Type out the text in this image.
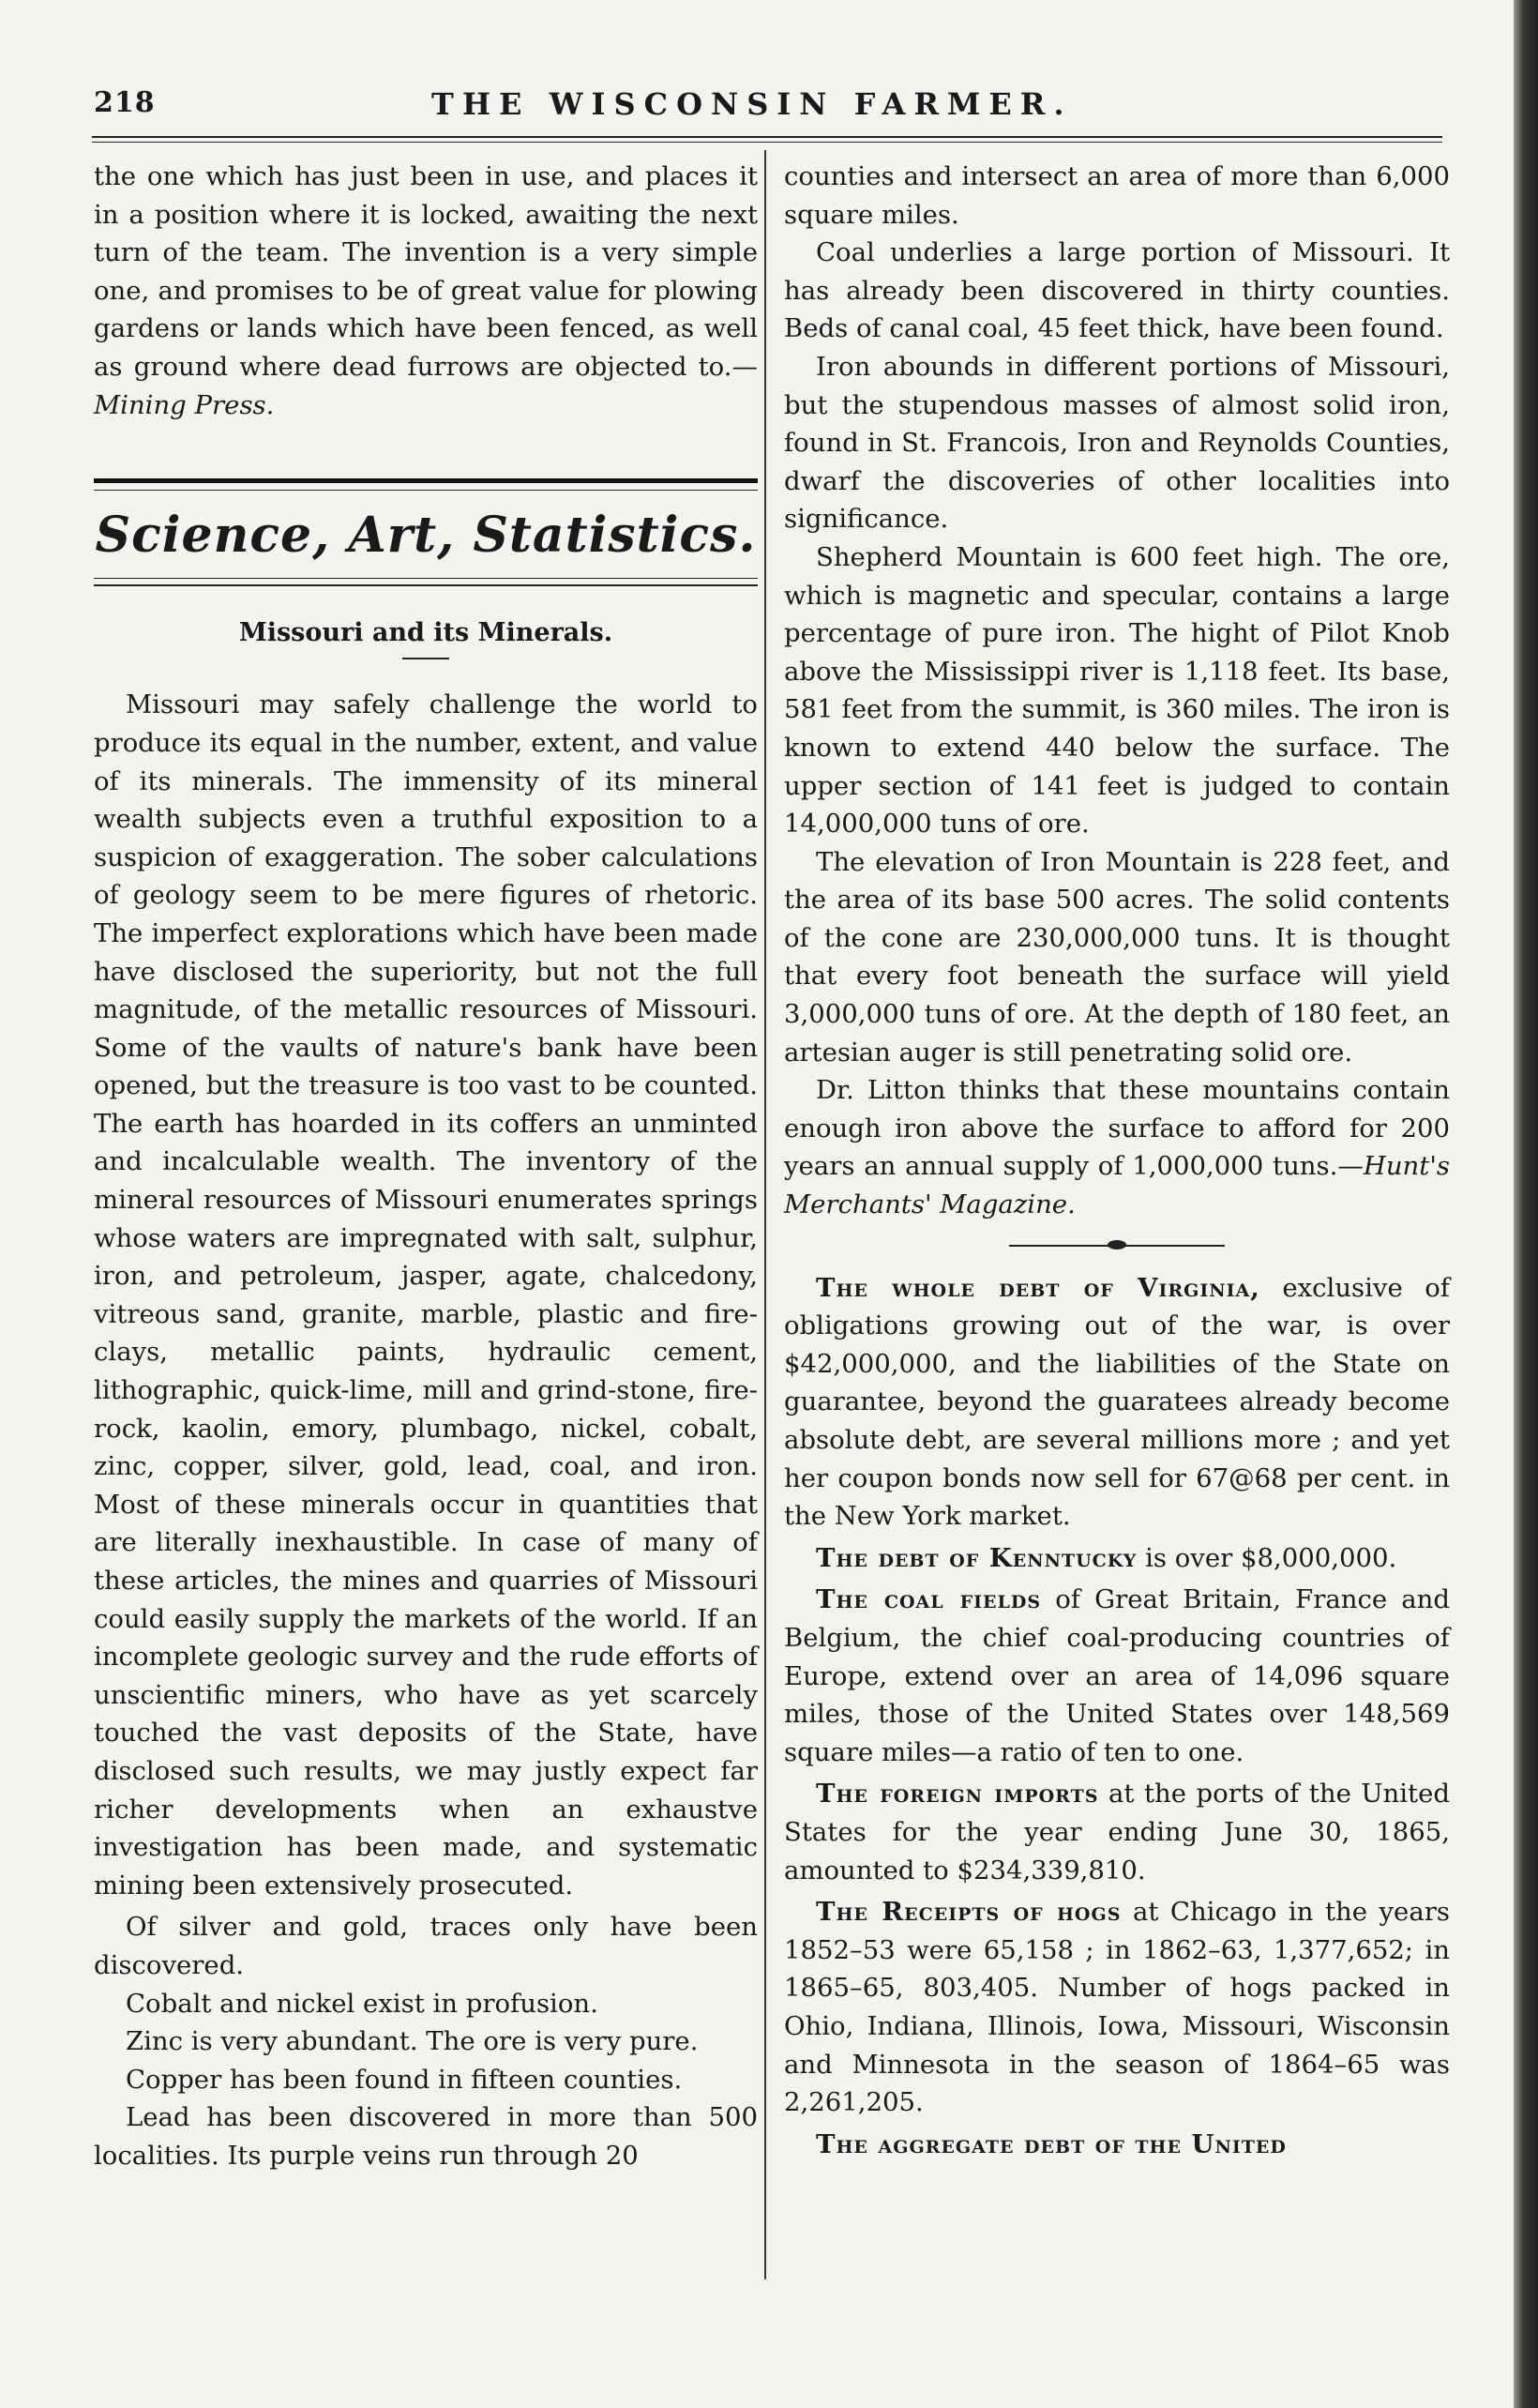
218	THE WISCONSIN FARMER.

the one which has just been in use, and places it in a position where it is locked, awaiting the next turn of the team. The invention is a very simple one, and promises to be of great value for plowing gardens or lands which have been fenced, as well as ground where dead furrows are objected to.—Mining Press.

Science, Art, Statistics.

Missouri and its Minerals.

Missouri may safely challenge the world to produce its equal in the number, extent, and value of its minerals. The immensity of its mineral wealth subjects even a truthful exposition to a suspicion of exaggeration. The sober calculations of geology seem to be mere figures of rhetoric. The imperfect explorations which have been made have disclosed the superiority, but not the full magnitude, of the metallic resources of Missouri. Some of the vaults of nature's bank have been opened, but the treasure is too vast to be counted. The earth has hoarded in its coffers an unminted and incalculable wealth. The inventory of the mineral resources of Missouri enumerates springs whose waters are impregnated with salt, sulphur, iron, and petroleum, jasper, agate, chalcedony, vitreous sand, granite, marble, plastic and fire-clays, metallic paints, hydraulic cement, lithographic, quick-lime, mill and grind-stone, fire-rock, kaolin, emory, plumbago, nickel, cobalt, zinc, copper, silver, gold, lead, coal, and iron. Most of these minerals occur in quantities that are literally inexhaustible. In case of many of these articles, the mines and quarries of Missouri could easily supply the markets of the world. If an incomplete geologic survey and the rude efforts of unscientific miners, who have as yet scarcely touched the vast deposits of the State, have disclosed such results, we may justly expect far richer developments when an exhaustve investigation has been made, and systematic mining been extensively prosecuted.

Of silver and gold, traces only have been discovered.

Cobalt and nickel exist in profusion.

Zinc is very abundant. The ore is very pure.

Copper has been found in fifteen counties.

Lead has been discovered in more than 500 localities. Its purple veins run through 20

counties and intersect an area of more than 6,000 square miles.

Coal underlies a large portion of Missouri. It has already been discovered in thirty counties. Beds of canal coal, 45 feet thick, have been found.

Iron abounds in different portions of Missouri, but the stupendous masses of almost solid iron, found in St. Francois, Iron and Reynolds Counties, dwarf the discoveries of other localities into significance.

Shepherd Mountain is 600 feet high. The ore, which is magnetic and specular, contains a large percentage of pure iron. The hight of Pilot Knob above the Mississippi river is 1,118 feet. Its base, 581 feet from the summit, is 360 miles. The iron is known to extend 440 below the surface. The upper section of 141 feet is judged to contain 14,000,000 tuns of ore.

The elevation of Iron Mountain is 228 feet, and the area of its base 500 acres. The solid contents of the cone are 230,000,000 tuns. It is thought that every foot beneath the surface will yield 3,000,000 tuns of ore. At the depth of 180 feet, an artesian auger is still penetrating solid ore.

Dr. Litton thinks that these mountains contain enough iron above the surface to afford for 200 years an annual supply of 1,000,000 tuns.—Hunt's Merchants' Magazine.

The whole debt of Virginia, exclusive of obligations growing out of the war, is over $42,000,000, and the liabilities of the State on guarantee, beyond the guaratees already become absolute debt, are several millions more ; and yet her coupon bonds now sell for 67@68 per cent. in the New York market.

The debt of Kenntucky is over $8,000,000.

The coal fields of Great Britain, France and Belgium, the chief coal-producing countries of Europe, extend over an area of 14,096 square miles, those of the United States over 148,569 square miles—a ratio of ten to one.

The foreign imports at the ports of the United States for the year ending June 30, 1865, amounted to $234,339,810.

The Receipts of hogs at Chicago in the years 1852–53 were 65,158 ; in 1862–63, 1,377,652; in 1865–65, 803,405. Number of hogs packed in Ohio, Indiana, Illinois, Iowa, Missouri, Wisconsin and Minnesota in the season of 1864–65 was 2,261,205.

The aggregate debt of the United
